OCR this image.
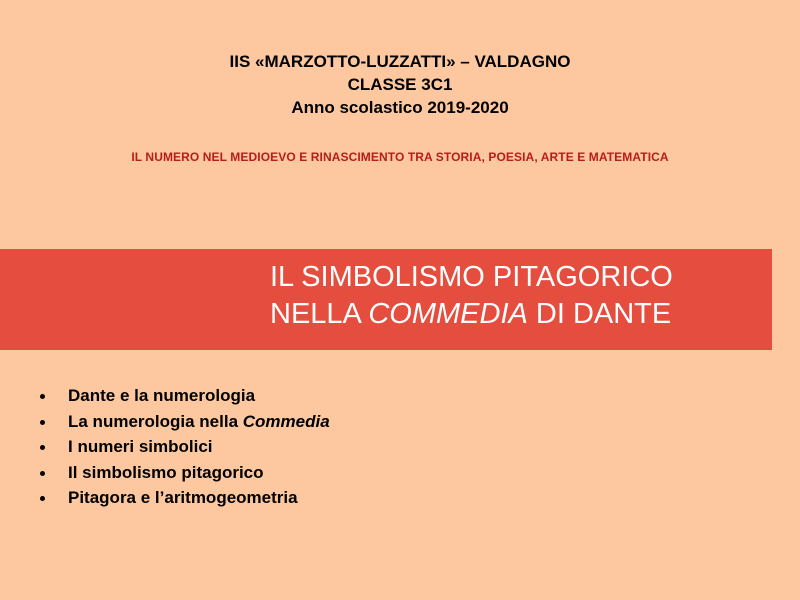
IIS «MARZOTTO-LUZZATTI» – VALDAGNO
CLASSE 3C1
Anno scolastico 2019-2020
IL NUMERO NEL MEDIOEVO E RINASCIMENTO TRA STORIA, POESIA, ARTE E MATEMATICA
IL SIMBOLISMO PITAGORICO
NELLA COMMEDIA DI DANTE
Dante e la numerologia
La numerologia nella Commedia
I numeri simbolici
Il simbolismo pitagorico
Pitagora e l’aritmogeometria
